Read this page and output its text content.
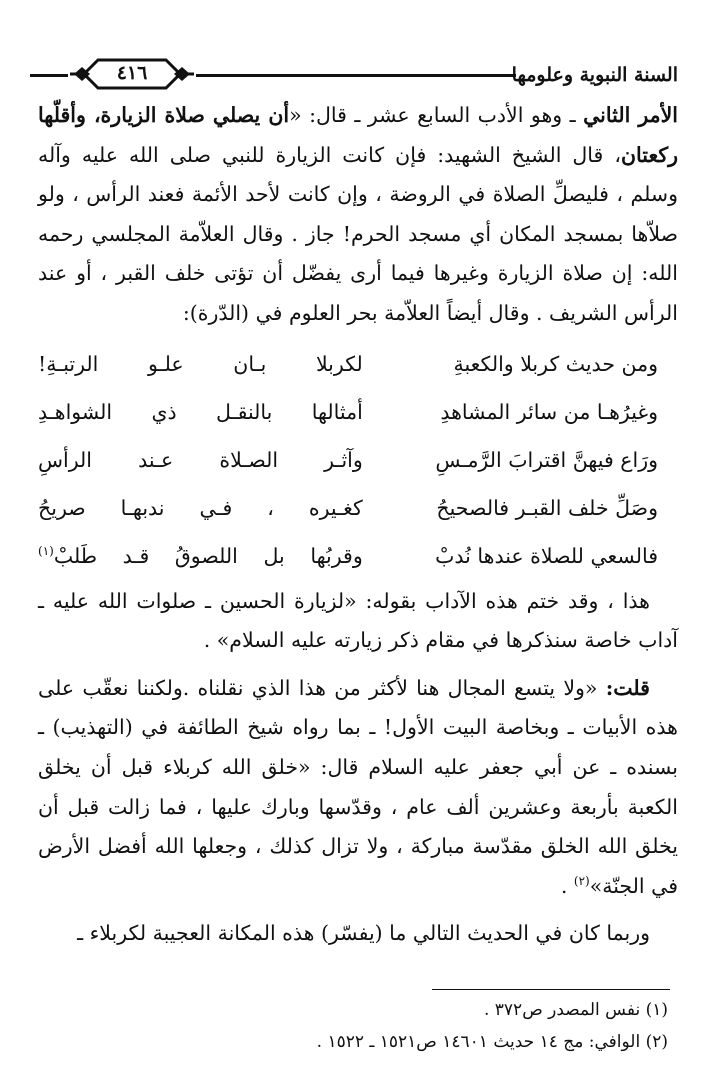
السنة النبوية وعلومها
٤١٦

الأمر الثاني ـ وهو الأدب السابع عشر ـ قال: «أن يصلي صلاة الزيارة، وأقلّها ركعتان، قال الشيخ الشهيد: فإن كانت الزيارة للنبي صلى الله عليه وآله وسلم ، فليصلِّ الصلاة في الروضة ، وإن كانت لأحد الأئمة فعند الرأس ، ولو صلاّها بمسجد المكان أي مسجد الحرم! جاز . وقال العلاّمة المجلسي رحمه الله: إن صلاة الزيارة وغيرها فيما أرى يفضّل أن تؤتى خلف القبر ، أو عند الرأس الشريف . وقال أيضاً العلاّمة بحر العلوم في (الدّرة):

ومن حديث كربلا والكعبةِ
لكربلا بـان علـو الرتبـةِ!
وغيرُهـا من سائر المشاهدِ
أمثالها بالنقـل ذي الشواهـدِ
ورَاع فيهنَّ اقترابَ الرَّمـسِ
وآثـر الصـلاة عـند الرأسِ
وصَلِّ خلف القبـر فالصحيحُ
كغـيره ، فـي ندبهـا صريحُ
فالسعي للصلاة عندها نُدبْ
وقربُها بل اللصوقُ قـد طَلبْ$^{(١)}$

هذا ، وقد ختم هذه الآداب بقوله: «لزيارة الحسين ـ صلوات الله عليه ـ آداب خاصة سنذكرها في مقام ذكر زيارته عليه السلام» .

قلت: «ولا يتسع المجال هنا لأكثر من هذا الذي نقلناه .ولكننا نعقّب على هذه الأبيات ـ وبخاصة البيت الأول! ـ بما رواه شيخ الطائفة في (التهذيب) ـ بسنده ـ عن أبي جعفر عليه السلام قال: «خلق الله كربلاء قبل أن يخلق الكعبة بأربعة وعشرين ألف عام ، وقدّسها وبارك عليها ، فما زالت قبل أن يخلق الله الخلق مقدّسة مباركة ، ولا تزال كذلك ، وجعلها الله أفضل الأرض في الجنّة»$^{(٢)}$ .

وربما كان في الحديث التالي ما (يفسّر) هذه المكانة العجيبة لكربلاء ـ

(١) نفس المصدر ص٣٧٢ .
(٢) الوافي: مج ١٤ حديث ١٤٦٠١ ص١٥٢١ ـ ١٥٢٢ .
